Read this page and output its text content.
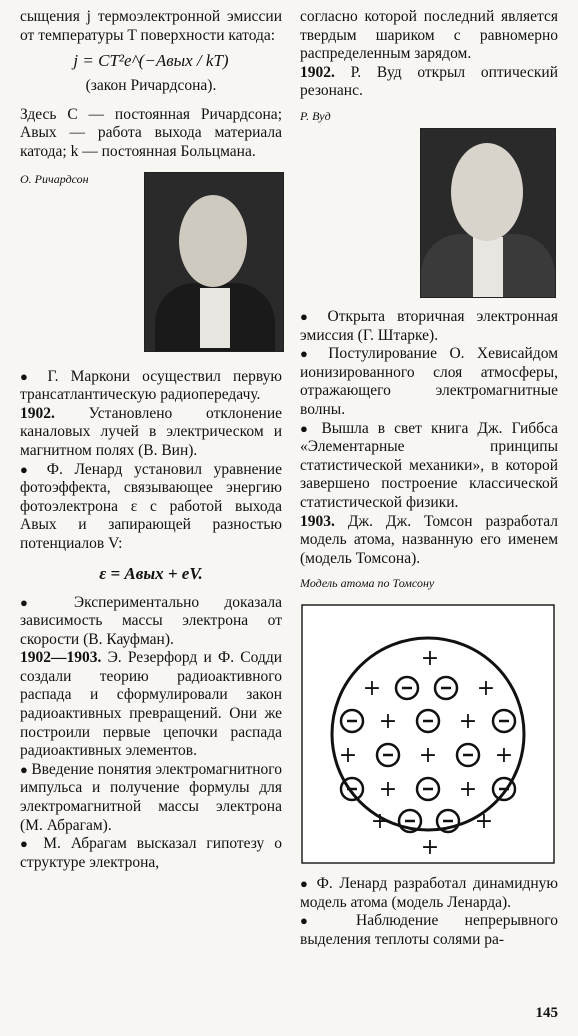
сыщения j термоэлектронной эмиссии от температуры T поверхности катода:

j = CT²e^(−Aвых / kT)

(закон Ричардсона).

Здесь C — постоянная Ричардсона; Aвых — работа выхода материала катода; k — постоянная Больцмана.

О. Ричардсон

● Г. Маркони осуществил первую трансатлантическую радиопередачу.

1902. Установлено отклонение каналовых лучей в электрическом и магнитном полях (В. Вин).

● Ф. Ленард установил уравнение фотоэффекта, связывающее энергию фотоэлектрона ε с работой выхода Aвых и запирающей разностью потенциалов V:

ε = Aвых + eV.

● Экспериментально доказала зависимость массы электрона от скорости (В. Кауфман).

1902—1903. Э. Резерфорд и Ф. Содди создали теорию радиоактивного распада и сформулировали закон радиоактивных превращений. Они же построили первые цепочки распада радиоактивных элементов.

● Введение понятия электромагнитного импульса и получение формулы для электромагнитной массы электрона (М. Абрагам).

● М. Абрагам высказал гипотезу о структуре электрона,

согласно которой последний является твердым шариком с равномерно распределенным зарядом.

1902. Р. Вуд открыл оптический резонанс.

Р. Вуд

● Открыта вторичная электронная эмиссия (Г. Штарке).

● Постулирование О. Хевисайдом ионизированного слоя атмосферы, отражающего электромагнитные волны.

● Вышла в свет книга Дж. Гиббса «Элементарные принципы статистической механики», в которой завершено построение классической статистической физики.

1903. Дж. Дж. Томсон разработал модель атома, названную его именем (модель Томсона).

Модель атома по Томсону
+
+	+
+	+
+	+	+
+	+
+	+
+

● Ф. Ленард разработал динамидную модель атома (модель Ленарда).

● Наблюдение непрерывного выделения теплоты солями ра-

145
